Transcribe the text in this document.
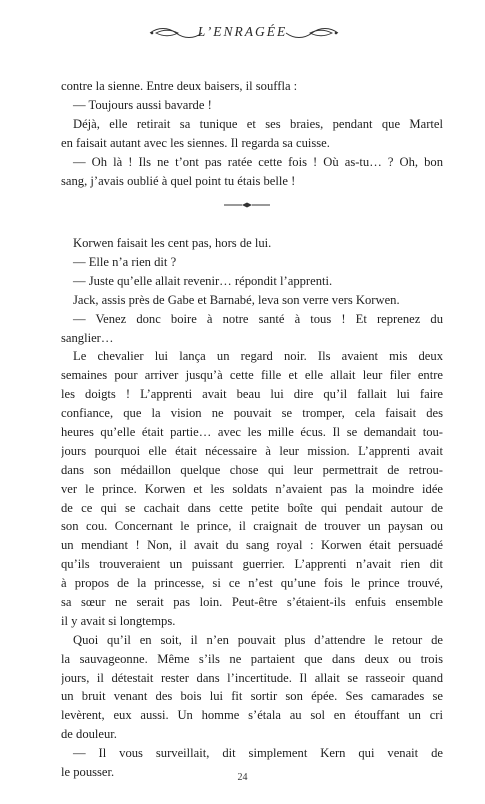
L’ENRAGÉE
contre la sienne. Entre deux baisers, il souffla :
— Toujours aussi bavarde !
Déjà, elle retirait sa tunique et ses braies, pendant que Martel
en faisait autant avec les siennes. Il regarda sa cuisse.
— Oh là ! Ils ne t’ont pas ratée cette fois ! Où as-tu… ? Oh, bon
sang, j’avais oublié à quel point tu étais belle !
Korwen faisait les cent pas, hors de lui.
— Elle n’a rien dit ?
— Juste qu’elle allait revenir… répondit l’apprenti.
Jack, assis près de Gabe et Barnabé, leva son verre vers Korwen.
— Venez donc boire à notre santé à tous ! Et reprenez du
sanglier…
Le chevalier lui lança un regard noir. Ils avaient mis deux
semaines pour arriver jusqu’à cette fille et elle allait leur filer entre
les doigts ! L’apprenti avait beau lui dire qu’il fallait lui faire
confiance, que la vision ne pouvait se tromper, cela faisait des
heures qu’elle était partie… avec les mille écus. Il se demandait tou-
jours pourquoi elle était nécessaire à leur mission. L’apprenti avait
dans son médaillon quelque chose qui leur permettrait de retrou-
ver le prince. Korwen et les soldats n’avaient pas la moindre idée
de ce qui se cachait dans cette petite boîte qui pendait autour de
son cou. Concernant le prince, il craignait de trouver un paysan ou
un mendiant ! Non, il avait du sang royal : Korwen était persuadé
qu’ils trouveraient un puissant guerrier. L’apprenti n’avait rien dit
à propos de la princesse, si ce n’est qu’une fois le prince trouvé,
sa sœur ne serait pas loin. Peut-être s’étaient-ils enfuis ensemble
il y avait si longtemps.
Quoi qu’il en soit, il n’en pouvait plus d’attendre le retour de
la sauvageonne. Même s’ils ne partaient que dans deux ou trois
jours, il détestait rester dans l’incertitude. Il allait se rasseoir quand
un bruit venant des bois lui fit sortir son épée. Ses camarades se
levèrent, eux aussi. Un homme s’étala au sol en étouffant un cri
de douleur.
— Il vous surveillait, dit simplement Kern qui venait de
le pousser.	24
